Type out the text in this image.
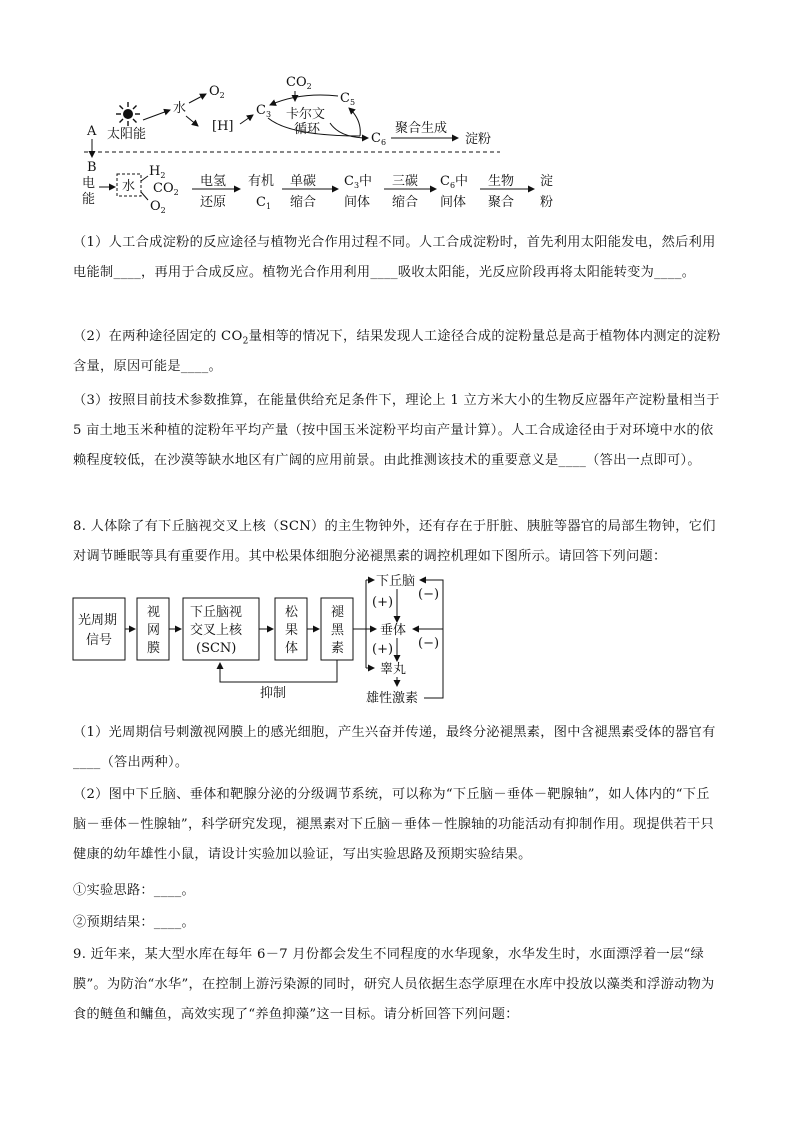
A
B
太阳能
水
$O_2$
[H]
$CO_2$
$C_3$
$C_5$
卡尔文
循环
$C_6$
聚合生成
淀粉
电
能
水
$H_2$
$CO_2$
$O_2$
电氢
还原
有机
$C_1$
单碳
缩合
$C_3$中
间体
三碳
缩合
$C_6$中
间体
生物
聚合
淀
粉
（1）人工合成淀粉的反应途径与植物光合作用过程不同。人工合成淀粉时，首先利用太阳能发电，然后利用电能制____，再用于合成反应。植物光合作用利用____吸收太阳能，光反应阶段再将太阳能转变为____。
（2）在两种途径固定的 $CO_2$量相等的情况下，结果发现人工途径合成的淀粉量总是高于植物体内测定的淀粉含量，原因可能是____。
（3）按照目前技术参数推算，在能量供给充足条件下，理论上 1 立方米大小的生物反应器年产淀粉量相当于 5 亩土地玉米种植的淀粉年平均产量（按中国玉米淀粉平均亩产量计算）。人工合成途径由于对环境中水的依赖程度较低，在沙漠等缺水地区有广阔的应用前景。由此推测该技术的重要意义是____（答出一点即可）。
8. 人体除了有下丘脑视交叉上核（SCN）的主生物钟外，还有存在于肝脏、胰脏等器官的局部生物钟，它们对调节睡眠等具有重要作用。其中松果体细胞分泌褪黑素的调控机理如下图所示。请回答下列问题：
光周期
信号
视
网
膜
下丘脑视
交叉上核
(SCN)
松
果
体
褪
黑
素
抑制
下丘脑
(+)
垂体
(+)
睾丸
雄性激素
(−)
(−)
（1）光周期信号刺激视网膜上的感光细胞，产生兴奋并传递，最终分泌褪黑素，图中含褪黑素受体的器官有____（答出两种）。
（2）图中下丘脑、垂体和靶腺分泌的分级调节系统，可以称为“下丘脑－垂体－靶腺轴”，如人体内的“下丘脑－垂体－性腺轴”，科学研究发现，褪黑素对下丘脑－垂体－性腺轴的功能活动有抑制作用。现提供若干只健康的幼年雄性小鼠，请设计实验加以验证，写出实验思路及预期实验结果。
①实验思路：____。
②预期结果：____。
9. 近年来，某大型水库在每年 6－7 月份都会发生不同程度的水华现象，水华发生时，水面漂浮着一层“绿膜”。为防治“水华”，在控制上游污染源的同时，研究人员依据生态学原理在水库中投放以藻类和浮游动物为食的鲢鱼和鳙鱼，高效实现了“养鱼抑藻”这一目标。请分析回答下列问题：
